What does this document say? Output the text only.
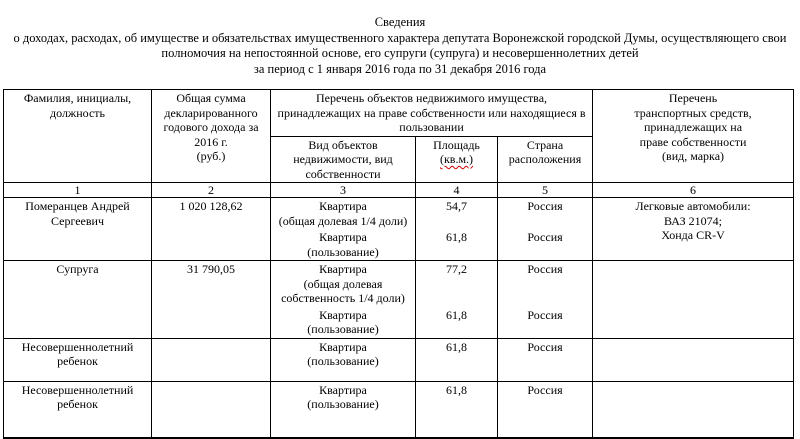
Сведения
о доходах, расходах, об имуществе и обязательствах имущественного характера депутата Воронежской городской Думы, осуществляющего свои
полномочия на непостоянной основе, его супруги (супруга) и несовершеннолетних детей
за период с 1 января 2016 года по 31 декабря 2016 года
Фамилия, инициалы,
должность

Общая сумма
декларированного
годового дохода за
2016 г.
(руб.)

Перечень объектов недвижимого имущества,
принадлежащих на праве собственности или находящиеся в
пользовании

Перечень
транспортных средств,
принадлежащих на
праве собственности
(вид, марка)

Вид объектов
недвижимости, вид
собственности

Площадь
(кв.м.)

Страна
расположения

1	2	3	4	5	6
Померанцев Андрей Сергеевич	1 020 128,62	Квартира
(общая долевая 1/4 доли)
	54,7	Россия	Легковые автомобили:
ВАЗ 21074;
Хонда CR-V

		Квартира
(пользование)	61,8	Россия	
Супруга	31 790,05	Квартира
(общая долевая собственность 1/4 доли)	77,2	Россия	

		Квартира
(пользование)	61,8	Россия	
Несовершеннолетний ребенок		Квартира
(пользование)	61,8	Россия	
Несовершеннолетний ребенок		Квартира
(пользование)	61,8	Россия	
